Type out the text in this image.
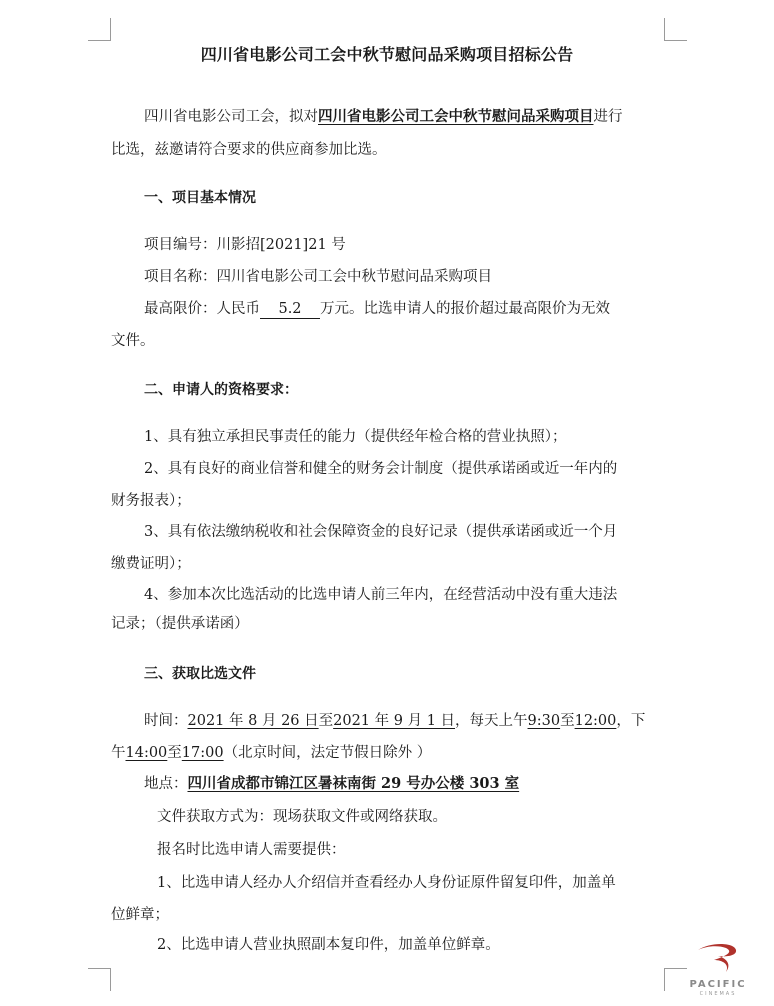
四川省电影公司工会中秋节慰问品采购项目招标公告
四川省电影公司工会，拟对四川省电影公司工会中秋节慰问品采购项目进行
比选，兹邀请符合要求的供应商参加比选。
一、项目基本情况
项目编号：川影招[2021]21 号
项目名称：四川省电影公司工会中秋节慰问品采购项目
最高限价：人民币 5.2 万元。比选申请人的报价超过最高限价为无效
文件。
二、申请人的资格要求：
1、具有独立承担民事责任的能力（提供经年检合格的营业执照）；
2、具有良好的商业信誉和健全的财务会计制度（提供承诺函或近一年内的
财务报表）；
3、具有依法缴纳税收和社会保障资金的良好记录（提供承诺函或近一个月
缴费证明）；
4、参加本次比选活动的比选申请人前三年内，在经营活动中没有重大违法
记录；（提供承诺函）
三、获取比选文件
时间：2021 年 8 月 26 日至2021 年 9 月 1 日，每天上午9:30至12:00，下
午14:00至17:00（北京时间，法定节假日除外 ）
地点：四川省成都市锦江区暑袜南街 29 号办公楼 303 室
文件获取方式为：现场获取文件或网络获取。
报名时比选申请人需要提供：
1、比选申请人经办人介绍信并查看经办人身份证原件留复印件，加盖单
位鲜章；
2、比选申请人营业执照副本复印件，加盖单位鲜章。
PACIFIC
CINEMAS
